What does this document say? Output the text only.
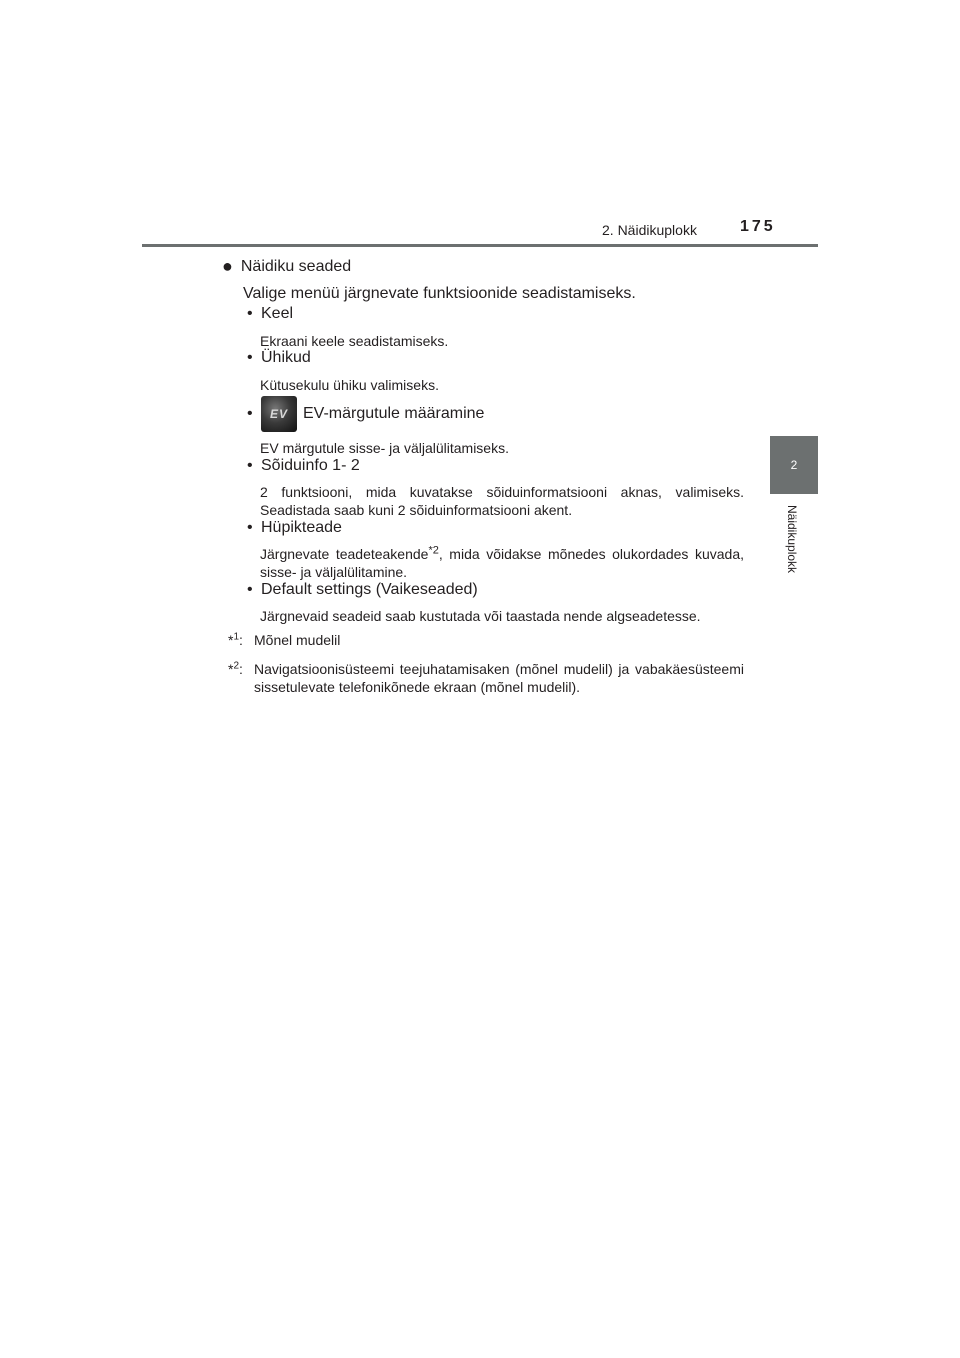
2. Näidikuplokk	175
2
Näidikuplokk
● Näidiku seaded
Valige menüü järgnevate funktsioonide seadistamiseks.
• Keel
Ekraani keele seadistamiseks.
• Ühikud
Kütusekulu ühiku valimiseks.
•	EV EV-märgutule määramine
EV märgutule sisse- ja väljalülitamiseks.
• Sõiduinfo 1- 2
2 funktsiooni, mida kuvatakse sõiduinformatsiooni aknas, valimiseks. Seadistada saab kuni 2 sõiduinformatsiooni akent.
• Hüpikteade
Järgnevate teadeteakende$^{*2}$, mida võidakse mõnedes olukordades kuvada, sisse- ja väljalülitamine.
• Default settings (Vaikeseaded)
Järgnevaid seadeid saab kustutada või taastada nende algseadetesse.
*$^1$: Mõnel mudelil
*$^2$: Navigatsioonisüsteemi teejuhatamisaken (mõnel mudelil) ja vabakäesüsteemi sissetulevate telefonikõnede ekraan (mõnel mudelil).
